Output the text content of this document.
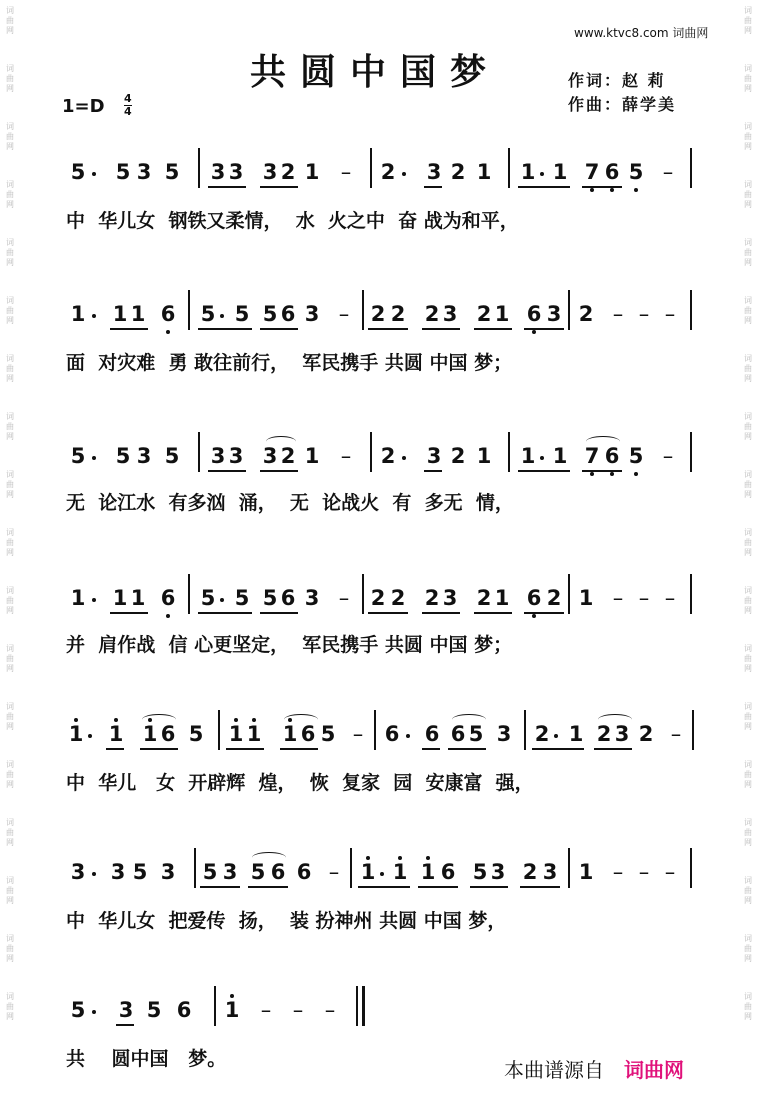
词
曲
网
词
曲
网
词
曲
网
词
曲
网
词
曲
网
词
曲
网
词
曲
网
词
曲
网
词
曲
网
词
曲
网
词
曲
网
词
曲
网
词
曲
网
词
曲
网
词
曲
网
词
曲
网
词
曲
网
词
曲
网
词
曲
网
词
曲
网
词
曲
网
词
曲
网
词
曲
网
词
曲
网
词
曲
网
词
曲
网
词
曲
网
词
曲
网
词
曲
网
词
曲
网
词
曲
网
词
曲
网
词
曲
网
词
曲
网
词
曲
网
词
曲
网
www.ktvc8.com 词曲网
共圆中国梦	作词：赵 莉
作曲：薛学美
1=D 4
4
5 5 3 5 3 3 3 2 1 – 2 3 2 1 1 1 7 6 5 –
1 1 1 6 5 5 5 6 3 – 2 2 2 3 2 1 6 3 2 – – –
5 5 3 5 3 3 3 2 1 – 2 3 2 1 1 1 7 6 5 –
1 1 1 6 5 5 5 6 3 – 2 2 2 3 2 1 6 2 1 – – –
1 1 1 6 5 1 1 1 6 5 – 6 6 6 5 3 2 1 2 3 2 –
3 3 5 3 5 3 5 6 6 – 1 1 1 6 5 3 2 3 1 – – –
5 3 5 6 1 – – –
中  华儿女  钢铁又柔情，  水  火之中  奋 战为和平，
面  对灾难  勇 敢往前行，  军民携手 共圆 中国 梦；
无  论江水  有多汹  涌，  无  论战火  有  多无  情，
并  肩作战  信 心更坚定，  军民携手 共圆 中国 梦；
中  华儿   女  开辟辉  煌，  恢  复家  园  安康富  强，
中  华儿女  把爱传  扬，  装 扮神州 共圆 中国 梦，
共    圆中国   梦。	本曲谱源自 词曲网
